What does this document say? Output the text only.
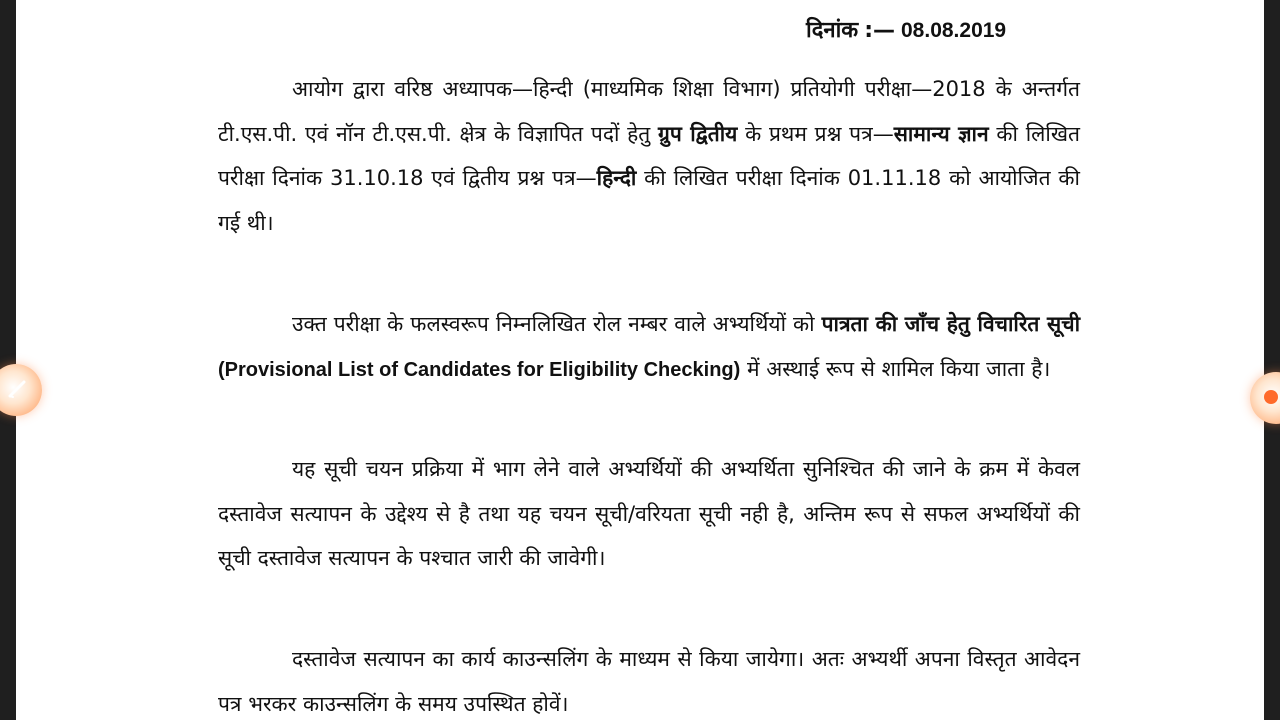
दिनांक :— 08.08.2019

आयोग द्वारा वरिष्ठ अध्यापक—हिन्दी (माध्यमिक शिक्षा विभाग) प्रतियोगी परीक्षा—2018 के अन्तर्गत टी.एस.पी. एवं नॉन टी.एस.पी. क्षेत्र के विज्ञापित पदों हेतु ग्रुप द्वितीय के प्रथम प्रश्न पत्र—सामान्य ज्ञान की लिखित परीक्षा दिनांक 31.10.18 एवं द्वितीय प्रश्न पत्र—हिन्दी की लिखित परीक्षा दिनांक 01.11.18 को आयोजित की गई थी।

उक्त परीक्षा के फलस्वरूप निम्नलिखित रोल नम्बर वाले अभ्यर्थियों को पात्रता की जाँच हेतु विचारित सूची (Provisional List of Candidates for Eligibility Checking) में अस्थाई रूप से शामिल किया जाता है।

यह सूची चयन प्रक्रिया में भाग लेने वाले अभ्यर्थियों की अभ्यर्थिता सुनिश्चित की जाने के क्रम में केवल दस्तावेज सत्यापन के उद्देश्य से है तथा यह चयन सूची/वरियता सूची नही है, अन्तिम रूप से सफल अभ्यर्थियों की सूची दस्तावेज सत्यापन के पश्चात जारी की जावेगी।

दस्तावेज सत्यापन का कार्य काउन्सलिंग के माध्यम से किया जायेगा। अतः अभ्यर्थी अपना विस्तृत आवेदन पत्र भरकर काउन्सलिंग के समय उपस्थित होवें।
